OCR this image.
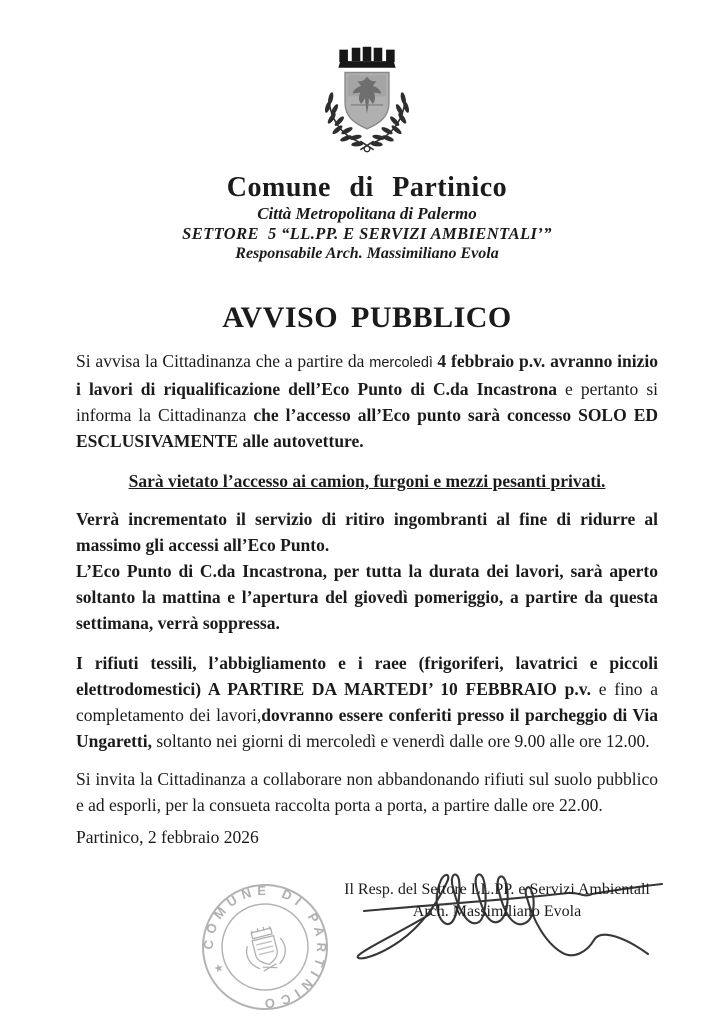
Comune di Partinico
Città Metropolitana di Palermo
SETTORE  5 “LL.PP. E SERVIZI AMBIENTALI’”
Responsabile Arch. Massimiliano Evola
AVVISO PUBBLICO

Si avvisa la Cittadinanza che a partire da mercoledì 4 febbraio p.v. avranno inizio i lavori di riqualificazione dell’Eco Punto di C.da Incastrona e pertanto si informa la Cittadinanza che l’accesso all’Eco punto sarà concesso SOLO ED ESCLUSIVAMENTE alle autovetture.

Sarà vietato l’accesso ai camion, furgoni e mezzi pesanti privati.

Verrà incrementato il servizio di ritiro ingombranti al fine di ridurre al massimo gli accessi all’Eco Punto.

L’Eco Punto di C.da Incastrona, per tutta la durata dei lavori, sarà aperto soltanto la mattina e l’apertura del giovedì pomeriggio, a partire da questa settimana, verrà soppressa.

I rifiuti tessili, l’abbigliamento e i raee (frigoriferi, lavatrici e piccoli elettrodomestici) A PARTIRE DA MARTEDI’ 10 FEBBRAIO p.v. e fino a completamento dei lavori,dovranno essere conferiti presso il parcheggio di Via Ungaretti, soltanto nei giorni di mercoledì e venerdì dalle ore 9.00 alle ore 12.00.

Si invita la Cittadinanza a collaborare non abbandonando rifiuti sul suolo pubblico e ad esporli, per la consueta raccolta porta a porta, a partire dalle ore 22.00.

Partinico, 2 febbraio 2026

COMUNE DI PARTINICO
★
Il Resp. del Settore LL.PP. e Servizi Ambientali
Arch. Massimiliano Evola
